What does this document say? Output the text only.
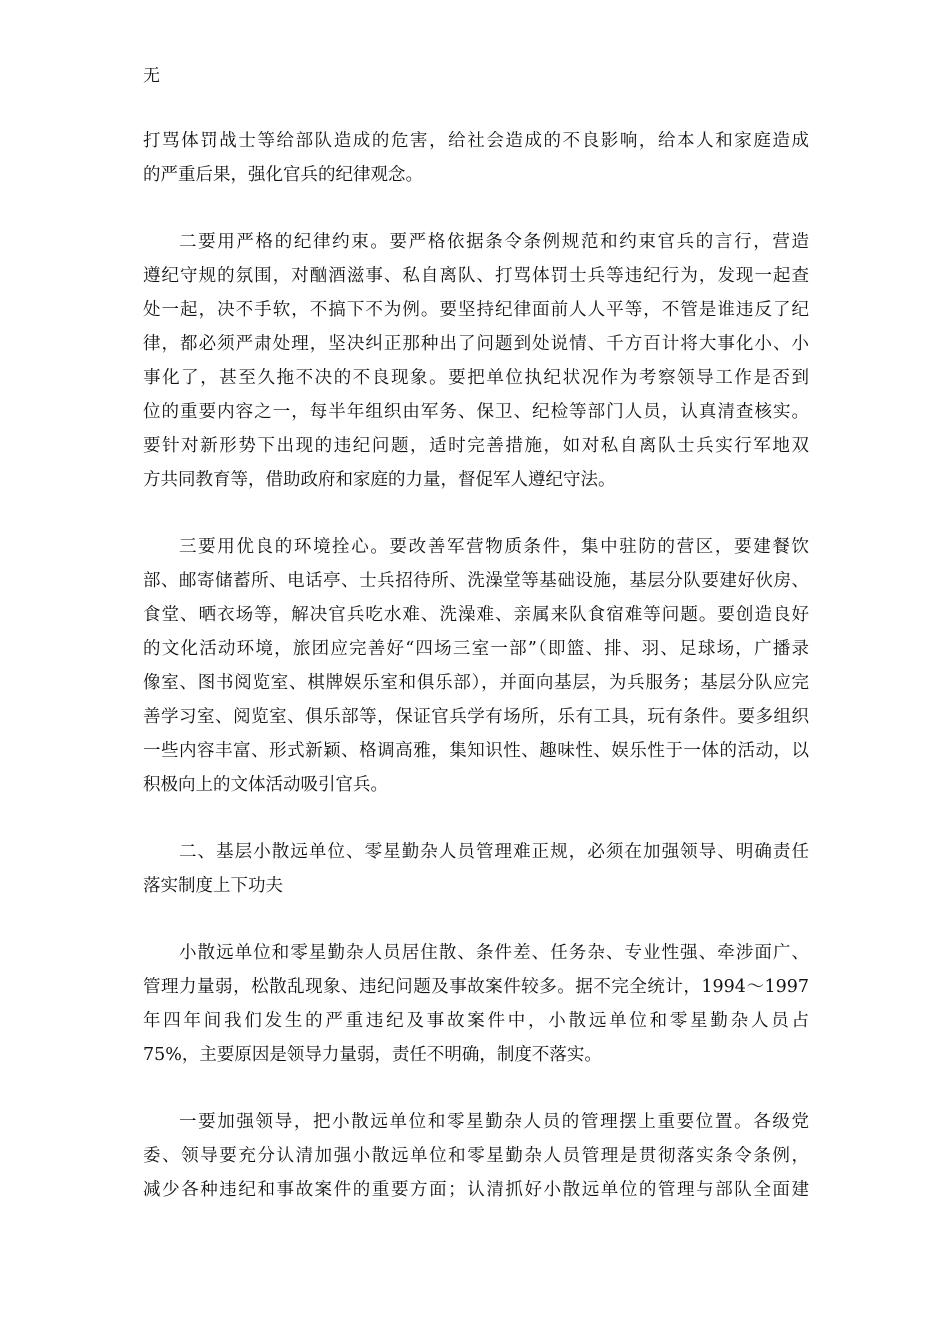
无
打骂体罚战士等给部队造成的危害，给社会造成的不良影响，给本人和家庭造成
的严重后果，强化官兵的纪律观念。
二要用严格的纪律约束。要严格依据条令条例规范和约束官兵的言行，营造
遵纪守规的氛围，对酗酒滋事、私自离队、打骂体罚士兵等违纪行为，发现一起查
处一起，决不手软，不搞下不为例。要坚持纪律面前人人平等，不管是谁违反了纪
律，都必须严肃处理，坚决纠正那种出了问题到处说情、千方百计将大事化小、小
事化了，甚至久拖不决的不良现象。要把单位执纪状况作为考察领导工作是否到
位的重要内容之一，每半年组织由军务、保卫、纪检等部门人员，认真清查核实。
要针对新形势下出现的违纪问题，适时完善措施，如对私自离队士兵实行军地双
方共同教育等，借助政府和家庭的力量，督促军人遵纪守法。
三要用优良的环境拴心。要改善军营物质条件，集中驻防的营区，要建餐饮
部、邮寄储蓄所、电话亭、士兵招待所、洗澡堂等基础设施，基层分队要建好伙房、
食堂、晒衣场等，解决官兵吃水难、洗澡难、亲属来队食宿难等问题。要创造良好
的文化活动环境，旅团应完善好“四场三室一部”（即篮、排、羽、足球场，广播录
像室、图书阅览室、棋牌娱乐室和俱乐部），并面向基层，为兵服务；基层分队应完
善学习室、阅览室、俱乐部等，保证官兵学有场所，乐有工具，玩有条件。要多组织
一些内容丰富、形式新颖、格调高雅，集知识性、趣味性、娱乐性于一体的活动，以
积极向上的文体活动吸引官兵。
二、基层小散远单位、零星勤杂人员管理难正规，必须在加强领导、明确责任
落实制度上下功夫
小散远单位和零星勤杂人员居住散、条件差、任务杂、专业性强、牵涉面广、
管理力量弱，松散乱现象、违纪问题及事故案件较多。据不完全统计，1994～1997
年四年间我们发生的严重违纪及事故案件中，小散远单位和零星勤杂人员占
75%，主要原因是领导力量弱，责任不明确，制度不落实。
一要加强领导，把小散远单位和零星勤杂人员的管理摆上重要位置。各级党
委、领导要充分认清加强小散远单位和零星勤杂人员管理是贯彻落实条令条例，
减少各种违纪和事故案件的重要方面；认清抓好小散远单位的管理与部队全面建
